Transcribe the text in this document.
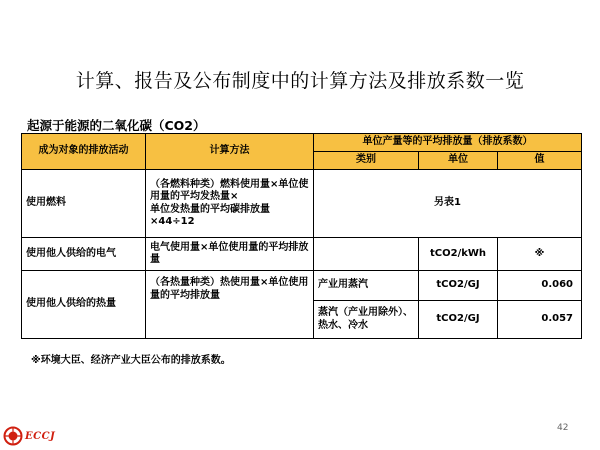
计算、报告及公布制度中的计算方法及排放系数一览
起源于能源的二氧化碳（CO2）
成为对象的排放活动	计算方法	单位产量等的平均排放量（排放系数）		
		类别	单位	值
使用燃料	（各燃料种类）燃料使用量×单位使用量的平均发热量×
单位发热量的平均碳排放量×44÷12	另表1		
使用他人供给的电气	电气使用量×单位使用量的平均排放量		tCO2/kWh	※
使用他人供给的热量	（各热量种类）热使用量×单位使用量的平均排放量	产业用蒸汽	tCO2/GJ	0.060
		蒸汽（产业用除外）、热水、冷水	tCO2/GJ	0.057
※环境大臣、经济产业大臣公布的排放系数。
ECCJ
42
